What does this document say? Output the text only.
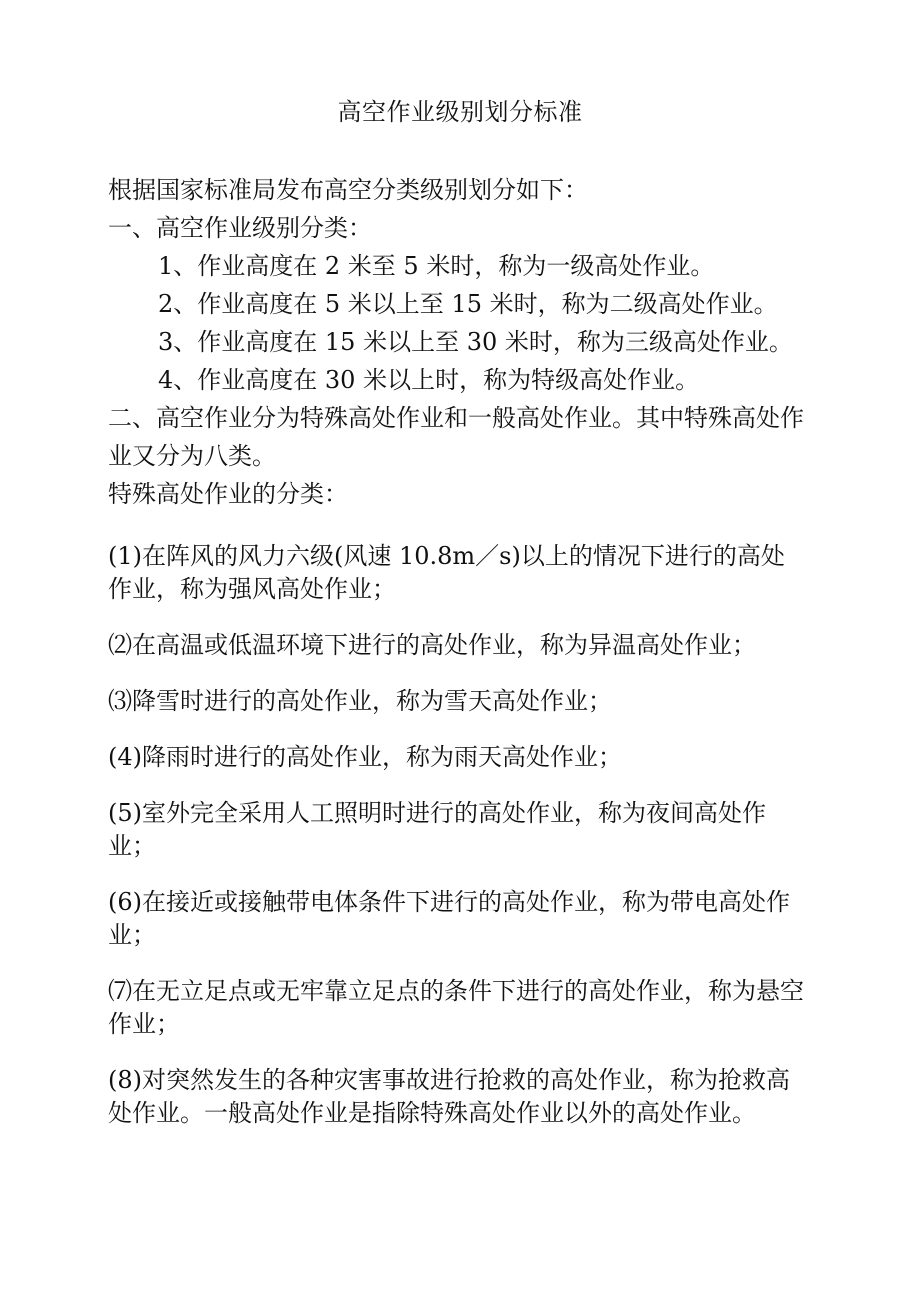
高空作业级别划分标准

根据国家标准局发布高空分类级别划分如下：

一、高空作业级别分类：

1、作业高度在 2 米至 5 米时，称为一级高处作业。

2、作业高度在 5 米以上至 15 米时，称为二级高处作业。

3、作业高度在 15 米以上至 30 米时，称为三级高处作业。

4、作业高度在 30 米以上时，称为特级高处作业。

二、高空作业分为特殊高处作业和一般高处作业。其中特殊高处作业又分为八类。

特殊高处作业的分类：

(1)在阵风的风力六级(风速 10.8m／s)以上的情况下进行的高处作业，称为强风高处作业；

⑵在高温或低温环境下进行的高处作业，称为异温高处作业；

⑶降雪时进行的高处作业，称为雪天高处作业；

(4)降雨时进行的高处作业，称为雨天高处作业；

(5)室外完全采用人工照明时进行的高处作业，称为夜间高处作业；

(6)在接近或接触带电体条件下进行的高处作业，称为带电高处作业；

⑺在无立足点或无牢靠立足点的条件下进行的高处作业，称为悬空作业；

(8)对突然发生的各种灾害事故进行抢救的高处作业，称为抢救高处作业。一般高处作业是指除特殊高处作业以外的高处作业。
